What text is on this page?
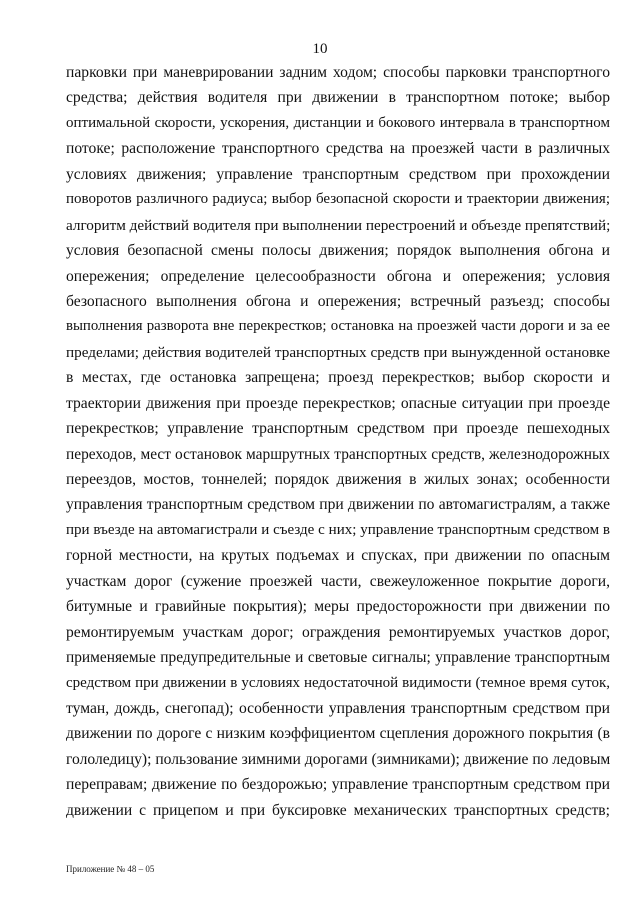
10
парковки при маневрировании задним ходом; способы парковки транспортного
средства; действия водителя при движении в транспортном потоке; выбор
оптимальной скорости, ускорения, дистанции и бокового интервала в транспортном
потоке; расположение транспортного средства на проезжей части в различных
условиях движения; управление транспортным средством при прохождении
поворотов различного радиуса; выбор безопасной скорости и траектории движения;
алгоритм действий водителя при выполнении перестроений и объезде препятствий;
условия безопасной смены полосы движения; порядок выполнения обгона и
опережения; определение целесообразности обгона и опережения; условия
безопасного выполнения обгона и опережения; встречный разъезд; способы
выполнения разворота вне перекрестков; остановка на проезжей части дороги и за ее
пределами; действия водителей транспортных средств при вынужденной остановке
в местах, где остановка запрещена; проезд перекрестков; выбор скорости и
траектории движения при проезде перекрестков; опасные ситуации при проезде
перекрестков; управление транспортным средством при проезде пешеходных
переходов, мест остановок маршрутных транспортных средств, железнодорожных
переездов, мостов, тоннелей; порядок движения в жилых зонах; особенности
управления транспортным средством при движении по автомагистралям, а также
при въезде на автомагистрали и съезде с них; управление транспортным средством в
горной местности, на крутых подъемах и спусках, при движении по опасным
участкам дорог (сужение проезжей части, свежеуложенное покрытие дороги,
битумные и гравийные покрытия); меры предосторожности при движении по
ремонтируемым участкам дорог; ограждения ремонтируемых участков дорог,
применяемые предупредительные и световые сигналы; управление транспортным
средством при движении в условиях недостаточной видимости (темное время суток,
туман, дождь, снегопад); особенности управления транспортным средством при
движении по дороге с низким коэффициентом сцепления дорожного покрытия (в
гололедицу); пользование зимними дорогами (зимниками); движение по ледовым
переправам; движение по бездорожью; управление транспортным средством при
движении с прицепом и при буксировке механических транспортных средств;
Приложение № 48 – 05
